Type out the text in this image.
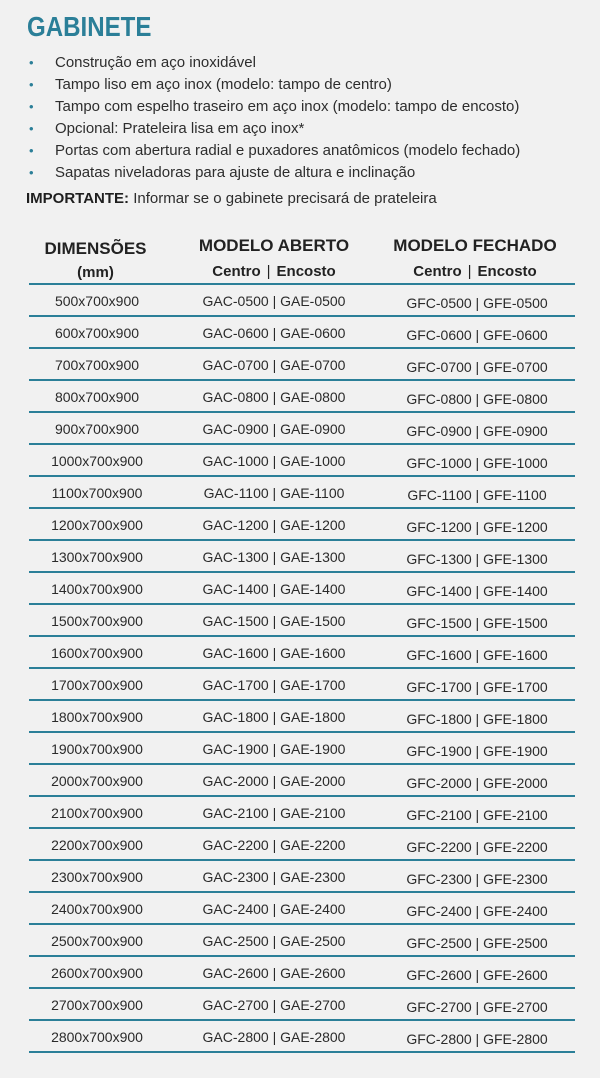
GABINETE
• Construção em aço inoxidável
• Tampo liso em aço inox (modelo: tampo de centro)
• Tampo com espelho traseiro em aço inox (modelo: tampo de encosto)
• Opcional: Prateleira lisa em aço inox*
• Portas com abertura radial e puxadores anatômicos (modelo fechado)
• Sapatas niveladoras para ajuste de altura e inclinação
IMPORTANTE: Informar se o gabinete precisará de prateleira
DIMENSÕES
(mm)
MODELO ABERTO
Centro | Encosto
MODELO FECHADO
Centro | Encosto
500x700x900	GAC-0500 | GAE-0500	GFC-0500 | GFE-0500
600x700x900	GAC-0600 | GAE-0600	GFC-0600 | GFE-0600
700x700x900	GAC-0700 | GAE-0700	GFC-0700 | GFE-0700
800x700x900	GAC-0800 | GAE-0800	GFC-0800 | GFE-0800
900x700x900	GAC-0900 | GAE-0900	GFC-0900 | GFE-0900
1000x700x900	GAC-1000 | GAE-1000	GFC-1000 | GFE-1000
1100x700x900	GAC-1100 | GAE-1100	GFC-1100 | GFE-1100
1200x700x900	GAC-1200 | GAE-1200	GFC-1200 | GFE-1200
1300x700x900	GAC-1300 | GAE-1300	GFC-1300 | GFE-1300
1400x700x900	GAC-1400 | GAE-1400	GFC-1400 | GFE-1400
1500x700x900	GAC-1500 | GAE-1500	GFC-1500 | GFE-1500
1600x700x900	GAC-1600 | GAE-1600	GFC-1600 | GFE-1600
1700x700x900	GAC-1700 | GAE-1700	GFC-1700 | GFE-1700
1800x700x900	GAC-1800 | GAE-1800	GFC-1800 | GFE-1800
1900x700x900	GAC-1900 | GAE-1900	GFC-1900 | GFE-1900
2000x700x900	GAC-2000 | GAE-2000	GFC-2000 | GFE-2000
2100x700x900	GAC-2100 | GAE-2100	GFC-2100 | GFE-2100
2200x700x900	GAC-2200 | GAE-2200	GFC-2200 | GFE-2200
2300x700x900	GAC-2300 | GAE-2300	GFC-2300 | GFE-2300
2400x700x900	GAC-2400 | GAE-2400	GFC-2400 | GFE-2400
2500x700x900	GAC-2500 | GAE-2500	GFC-2500 | GFE-2500
2600x700x900	GAC-2600 | GAE-2600	GFC-2600 | GFE-2600
2700x700x900	GAC-2700 | GAE-2700	GFC-2700 | GFE-2700
2800x700x900	GAC-2800 | GAE-2800	GFC-2800 | GFE-2800
